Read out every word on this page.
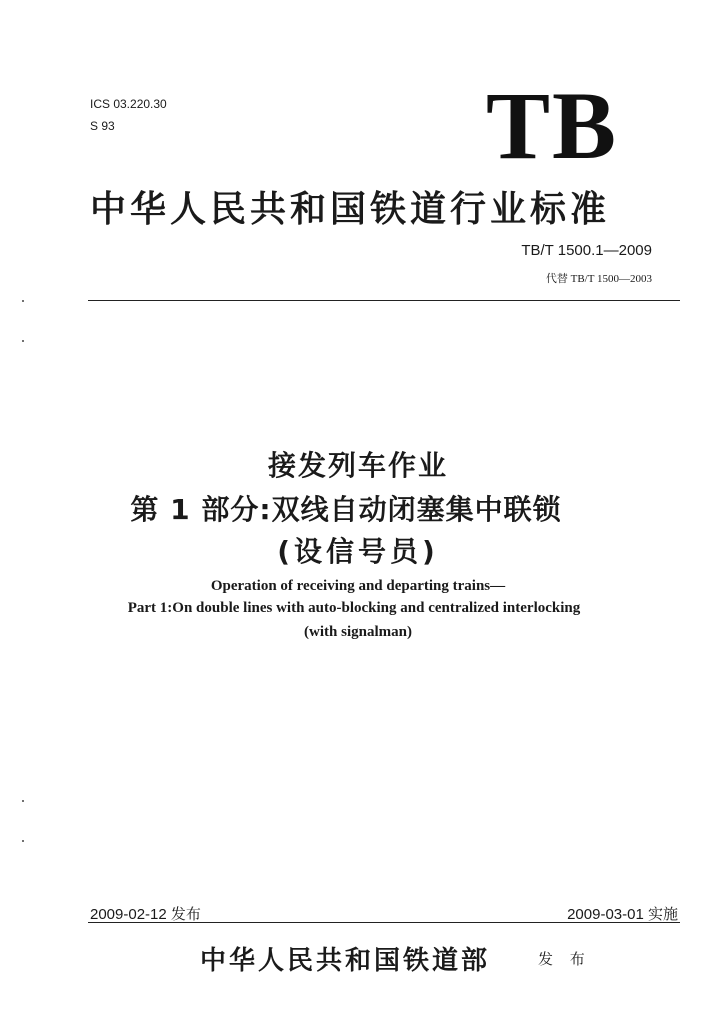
ICS 03.220.30
S 93	TB
中华人民共和国铁道行业标准
TB/T 1500.1—2009
代替 TB/T 1500—2003
接发列车作业
第 1 部分:双线自动闭塞集中联锁
(设信号员)
Operation of receiving and departing trains—
Part 1:On double lines with auto-blocking and centralized interlocking
(with signalman)
2009-02-12 发布	2009-03-01 实施
中华人民共和国铁道部	发 布
